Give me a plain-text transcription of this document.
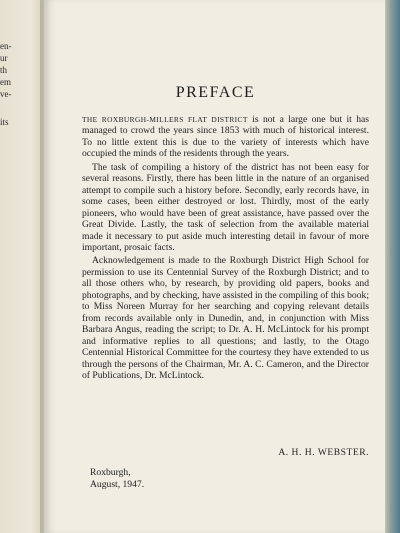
en-
ur
th
em
ve-
its
PREFACE

THE ROXBURGH-MILLERS FLAT DISTRICT is not a large one but it has managed to crowd the years since 1853 with much of historical interest. To no little extent this is due to the variety of interests which have occupied the minds of the residents through the years.

The task of compiling a history of the district has not been easy for several reasons. Firstly, there has been little in the nature of an organised attempt to compile such a history before. Secondly, early records have, in some cases, been either destroyed or lost. Thirdly, most of the early pioneers, who would have been of great assistance, have passed over the Great Divide. Lastly, the task of selection from the available material made it necessary to put aside much interesting detail in favour of more important, prosaic facts.

Acknowledgement is made to the Roxburgh District High School for permission to use its Centennial Survey of the Roxburgh District; and to all those others who, by research, by providing old papers, books and photographs, and by checking, have assisted in the compiling of this book; to Miss Noreen Murray for her searching and copying relevant details from records available only in Dunedin, and, in conjunction with Miss Barbara Angus, reading the script; to Dr. A. H. McLintock for his prompt and informative replies to all questions; and lastly, to the Otago Centennial Historical Committee for the courtesy they have extended to us through the persons of the Chairman, Mr. A. C. Cameron, and the Director of Publications, Dr. McLintock.

A. H. H. WEBSTER.
Roxburgh,
August, 1947.
